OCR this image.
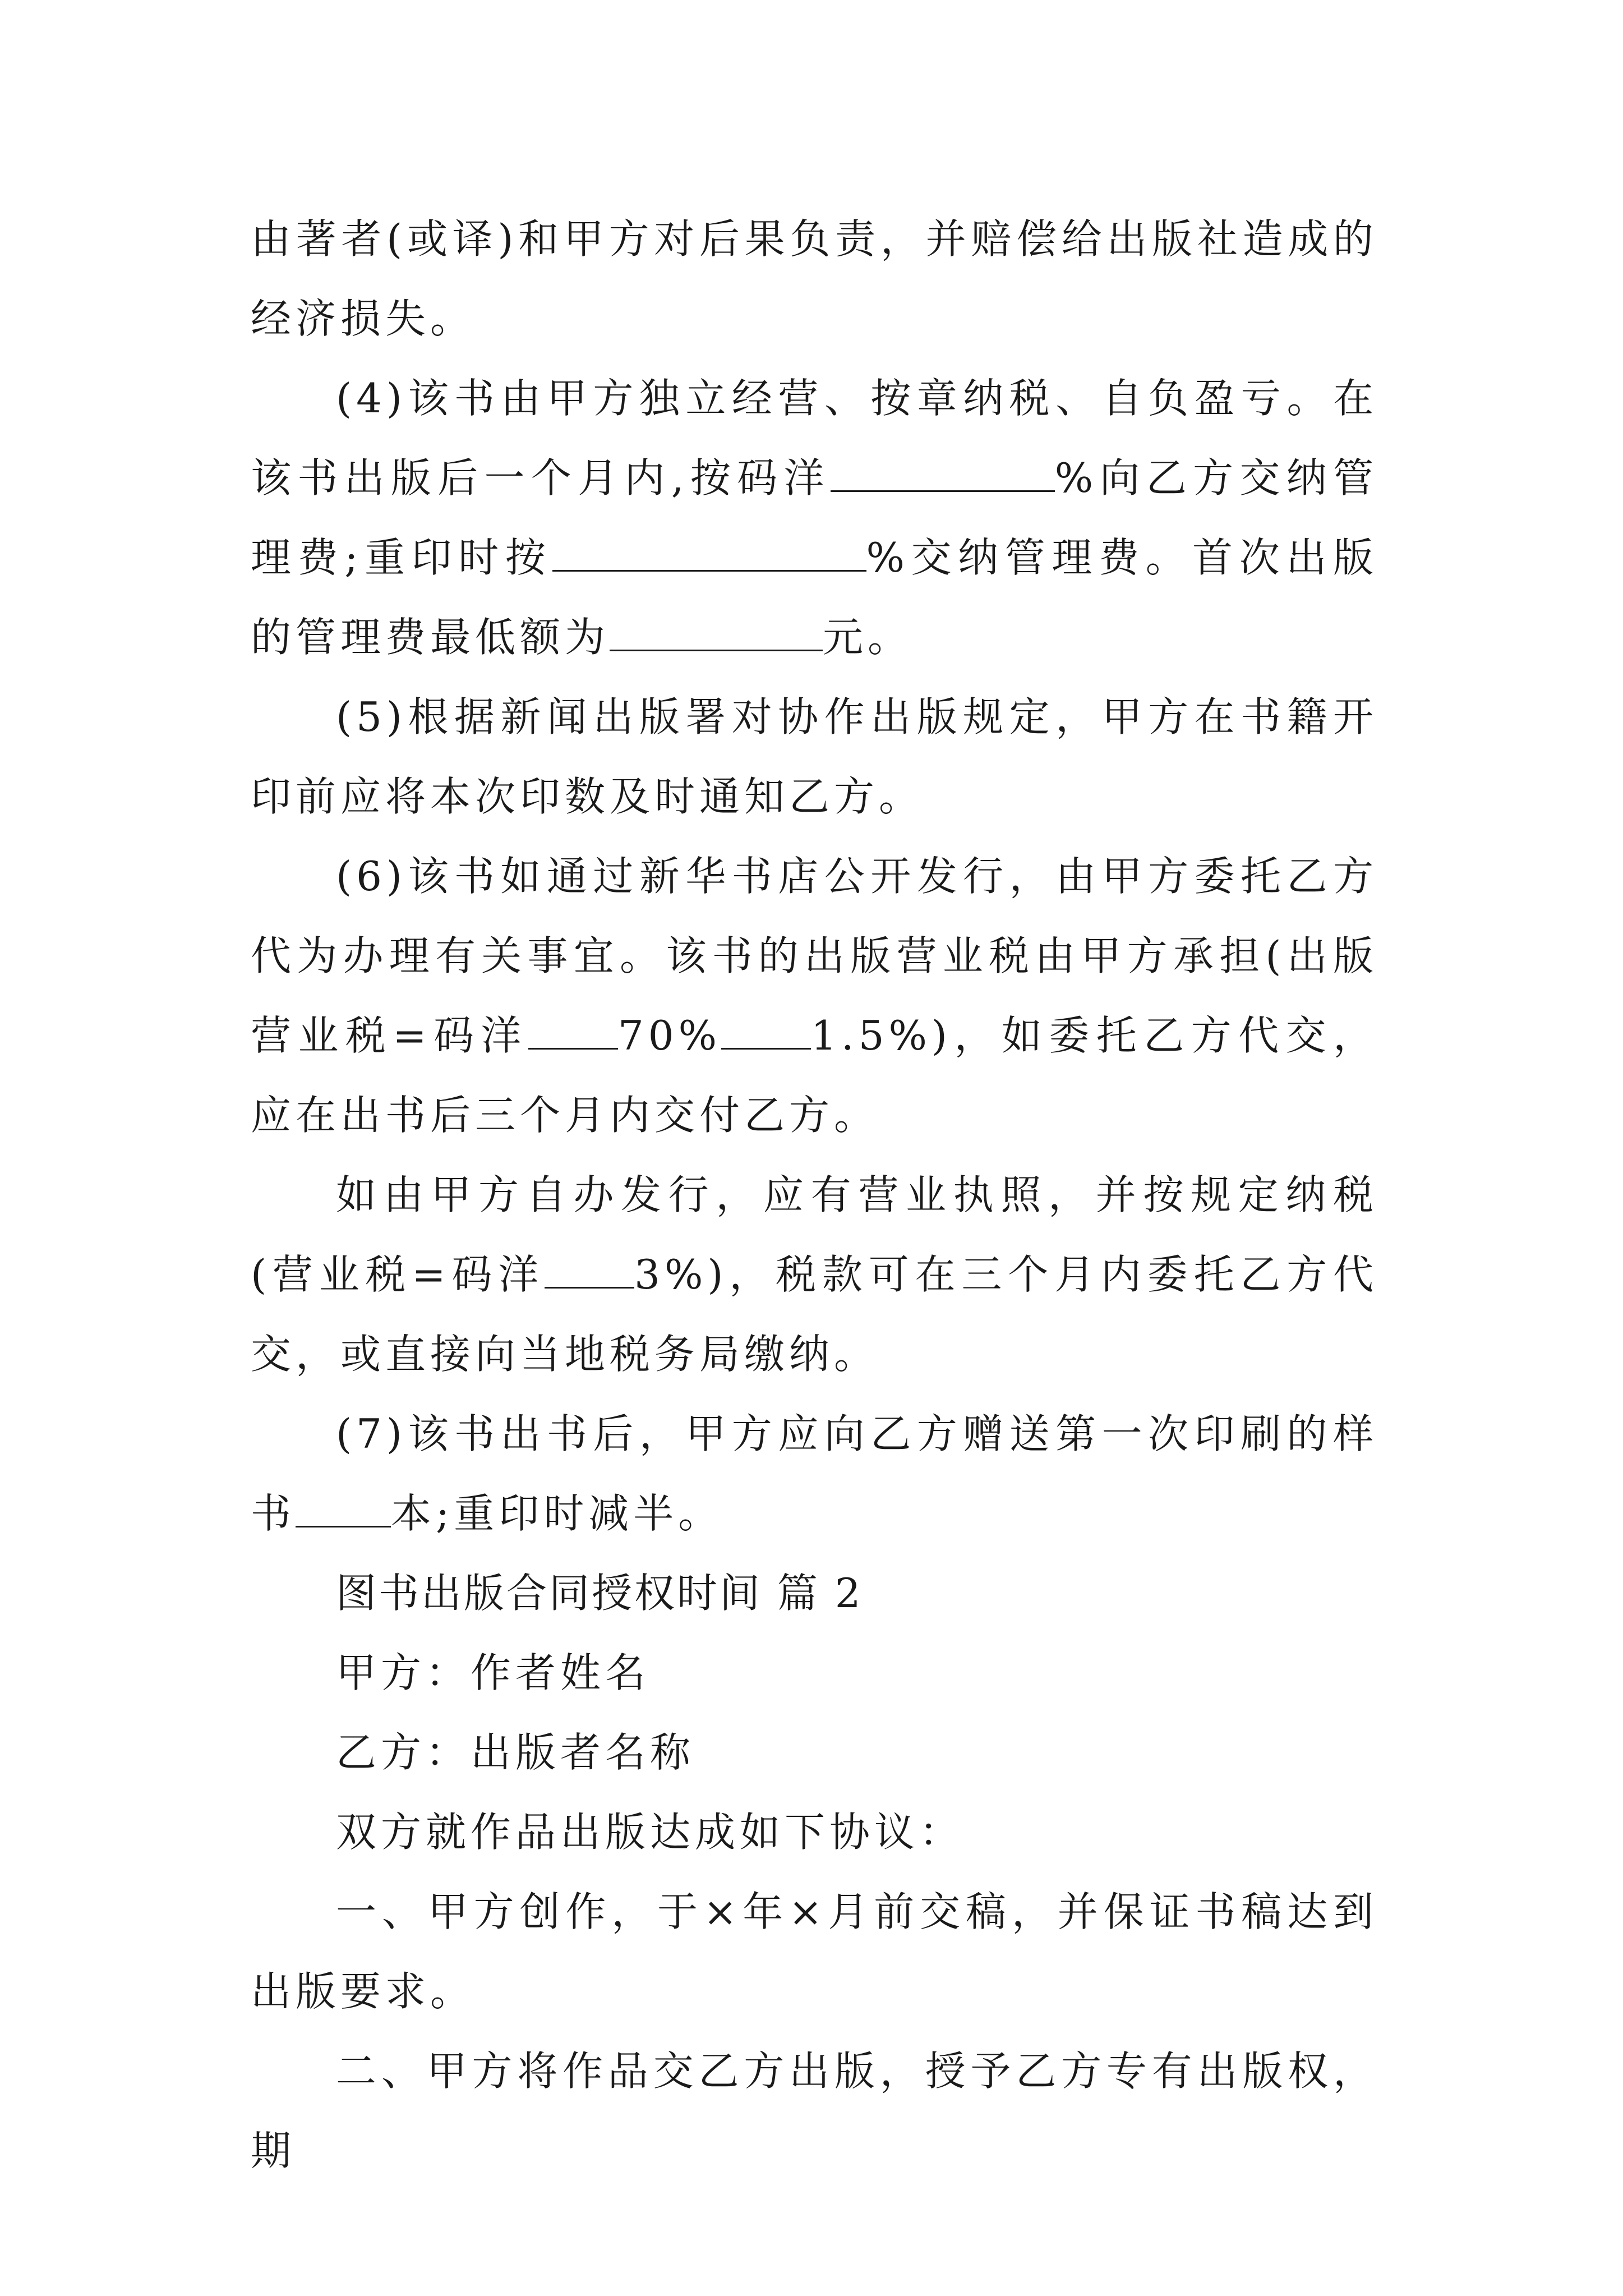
由著者(或译)和甲方对后果负责，并赔偿给出版社造成的经济损失。

(4)该书由甲方独立经营、按章纳税、自负盈亏。在该书出版后一个月内,按码洋	%向乙方交纳管理费;重印时按	%交纳管理费。首次出版的管理费最低额为	元。

(5)根据新闻出版署对协作出版规定，甲方在书籍开印前应将本次印数及时通知乙方。

(6)该书如通过新华书店公开发行，由甲方委托乙方代为办理有关事宜。该书的出版营业税由甲方承担(出版营业税=码洋 70% 1.5%)，如委托乙方代交，应在出书后三个月内交付乙方。

如由甲方自办发行，应有营业执照，并按规定纳税(营业税=码洋 3%)，税款可在三个月内委托乙方代交，或直接向当地税务局缴纳。

(7)该书出书后，甲方应向乙方赠送第一次印刷的样书 本;重印时减半。

图书出版合同授权时间 篇 2

甲方：作者姓名

乙方：出版者名称

双方就作品出版达成如下协议：

一、甲方创作，于×年×月前交稿，并保证书稿达到出版要求。

二、甲方将作品交乙方出版，授予乙方专有出版权，期
